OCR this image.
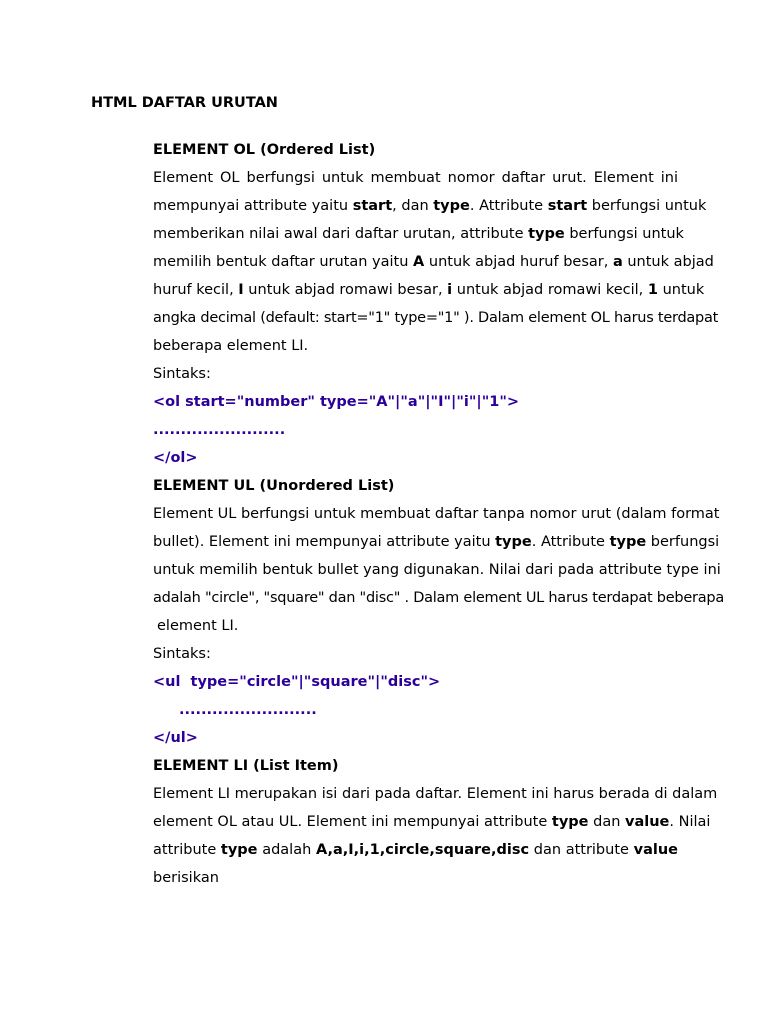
HTML DAFTAR URUTAN
ELEMENT OL (Ordered List)
Element OL berfungsi untuk membuat nomor daftar urut. Element ini
mempunyai attribute yaitu start, dan type. Attribute start berfungsi untuk
memberikan nilai awal dari daftar urutan, attribute type berfungsi untuk
memilih bentuk daftar urutan yaitu A untuk abjad huruf besar, a untuk abjad
huruf kecil, I untuk abjad romawi besar, i untuk abjad romawi kecil, 1 untuk
angka decimal (default: start="1" type="1" ). Dalam element OL harus terdapat
beberapa element LI.
Sintaks:
<ol start="number" type="A"|"a"|"I"|"i"|"1">
........................
</ol>
ELEMENT UL (Unordered List)
Element UL berfungsi untuk membuat daftar tanpa nomor urut (dalam format
bullet). Element ini mempunyai attribute yaitu type. Attribute type berfungsi
untuk memilih bentuk bullet yang digunakan. Nilai dari pada attribute type ini
adalah "circle", "square" dan "disc" . Dalam element UL harus terdapat beberapa
element LI.
Sintaks:
<ul  type="circle"|"square"|"disc">
.........................
</ul>
ELEMENT LI (List Item)
Element LI merupakan isi dari pada daftar. Element ini harus berada di dalam
element OL atau UL. Element ini mempunyai attribute type dan value. Nilai
attribute type adalah A,a,I,i,1,circle,square,disc dan attribute value
berisikan
